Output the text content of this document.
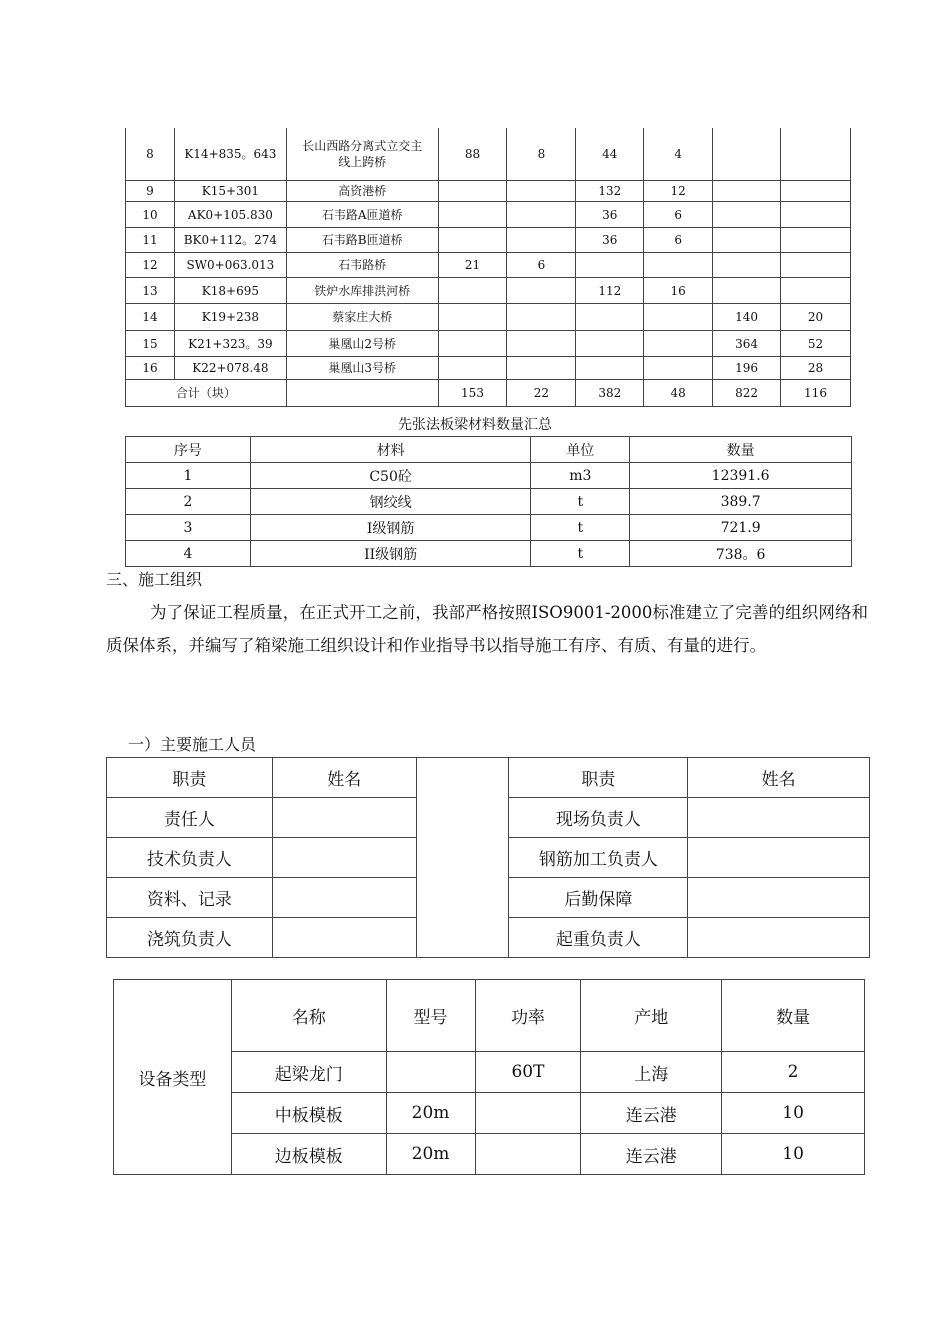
8	K14+835。643	长山西路分离式立交主
线上跨桥	88	8	44	4		
9	K15+301	高资港桥			132	12		
10	AK0+105.830	石韦路A匝道桥			36	6		
11	BK0+112。274	石韦路B匝道桥			36	6		
12	SW0+063.013	石韦路桥	21	6				
13	K18+695	铁炉水库排洪河桥			112	16		
14	K19+238	蔡家庄大桥					140	20
15	K21+323。39	巢凰山2号桥					364	52
16	K22+078.48	巢凰山3号桥					196	28
合计（块）			153	22	382	48	822	116
先张法板梁材料数量汇总
序号	材料	单位	数量
1	C50砼	m3	12391.6
2	钢绞线	t	389.7
3	I级钢筋	t	721.9
4	II级钢筋	t	738。6
三、施工组织
为了保证工程质量，在正式开工之前，我部严格按照ISO9001-2000标准建立了完善的组织网络和质保体系，并编写了箱梁施工组织设计和作业指导书以指导施工有序、有质、有量的进行。
一）主要施工人员
职责	姓名		职责	姓名
责任人			现场负责人	
技术负责人			钢筋加工负责人	
资料、记录			后勤保障	
浇筑负责人			起重负责人	
设备类型	名称	型号	功率	产地	数量
	起梁龙门		60T	上海	2
	中板模板	20m		连云港	10
	边板模板	20m		连云港	10
